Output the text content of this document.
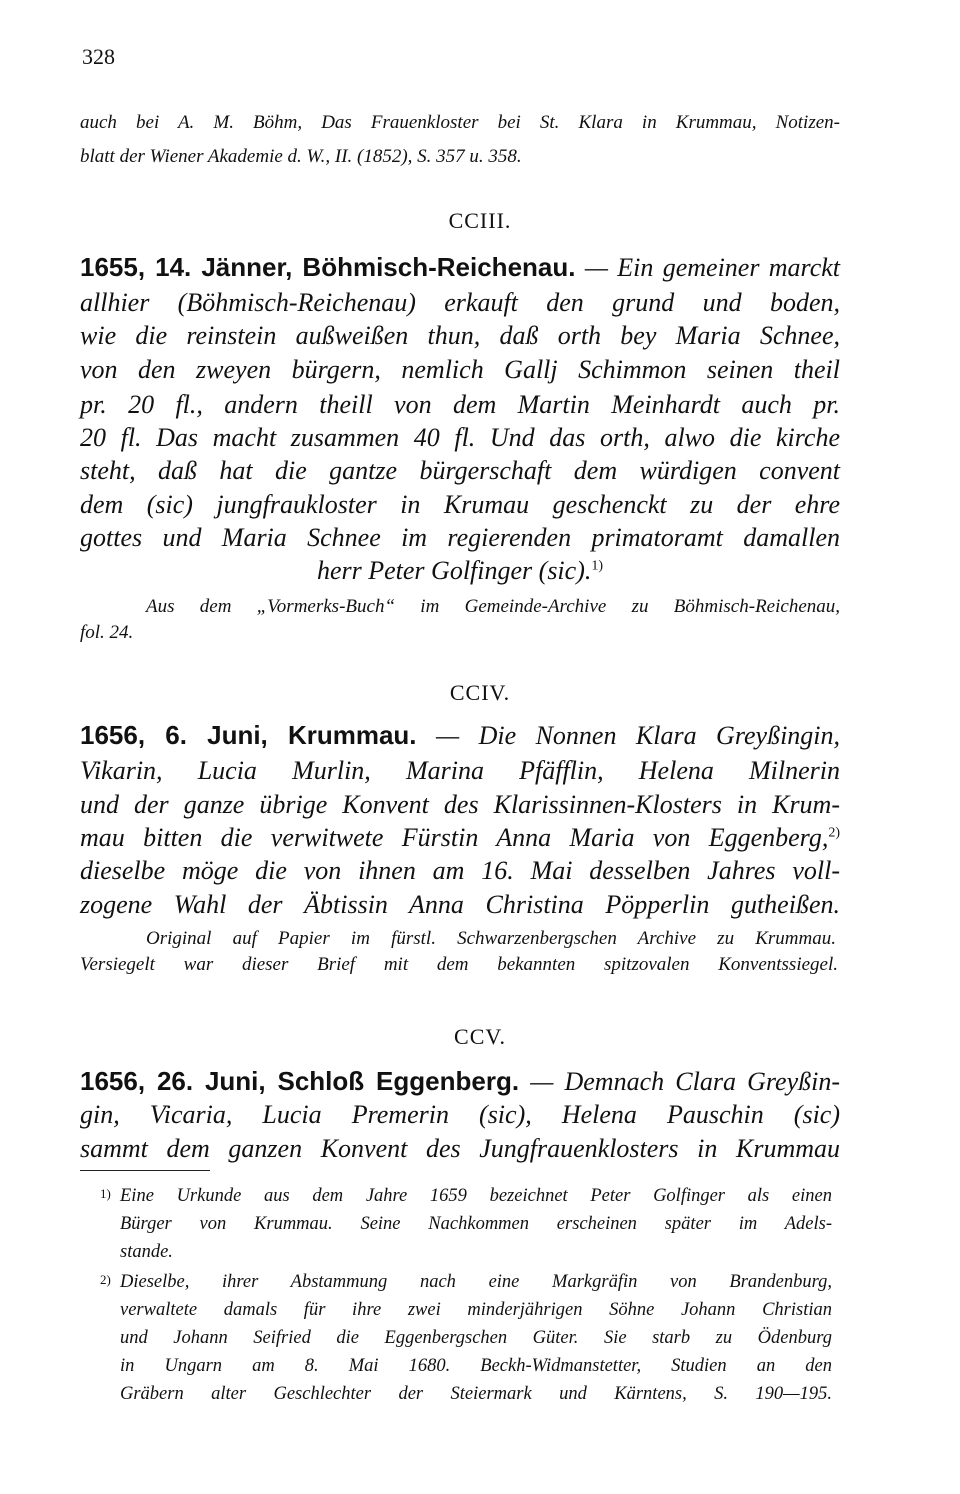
328
auch bei A. M. Böhm, Das Frauenkloster bei St. Klara in Krummau, Notizen-
blatt der Wiener Akademie d. W., II. (1852), S. 357 u. 358.
CCIII.
1655, 14. Jänner, Böhmisch-Reichenau. — Ein gemeiner marckt
allhier (Böhmisch-Reichenau) erkauft den grund und boden,
wie die reinstein außweißen thun, daß orth bey Maria Schnee,
von den zweyen bürgern, nemlich Gallj Schimmon seinen theil
pr. 20 fl., andern theill von dem Martin Meinhardt auch pr.
20 fl. Das macht zusammen 40 fl. Und das orth, alwo die kirche
steht, daß hat die gantze bürgerschaft dem würdigen convent
dem (sic) jungfraukloster in Krumau geschenckt zu der ehre
gottes und Maria Schnee im regierenden primatoramt damallen
herr Peter Golfinger (sic).$^{1)}$
Aus dem „Vormerks-Buch“ im Gemeinde-Archive zu Böhmisch-Reichenau,
fol. 24.
CCIV.
1656, 6. Juni, Krummau. — Die Nonnen Klara Greyßingin,
Vikarin, Lucia Murlin, Marina Pfäfflin, Helena Milnerin
und der ganze übrige Konvent des Klarissinnen-Klosters in Krum-
mau bitten die verwitwete Fürstin Anna Maria von Eggenberg,$^{2)}$
dieselbe möge die von ihnen am 16. Mai desselben Jahres voll-
zogene Wahl der Äbtissin Anna Christina Pöpperlin gutheißen.
Original auf Papier im fürstl. Schwarzenbergschen Archive zu Krummau.
Versiegelt war dieser Brief mit dem bekannten spitzovalen Konventssiegel.
CCV.
1656, 26. Juni, Schloß Eggenberg. — Demnach Clara Greyßin-
gin, Vicaria, Lucia Premerin (sic), Helena Pauschin (sic)
sammt dem ganzen Konvent des Jungfrauenklosters in Krummau
1) Eine Urkunde aus dem Jahre 1659 bezeichnet Peter Golfinger als einen
Bürger von Krummau. Seine Nachkommen erscheinen später im Adels-
stande.
2) Dieselbe, ihrer Abstammung nach eine Markgräfin von Brandenburg,
verwaltete damals für ihre zwei minderjährigen Söhne Johann Christian
und Johann Seifried die Eggenbergschen Güter. Sie starb zu Ödenburg
in Ungarn am 8. Mai 1680. Beckh-Widmanstetter, Studien an den
Gräbern alter Geschlechter der Steiermark und Kärntens, S. 190—195.
